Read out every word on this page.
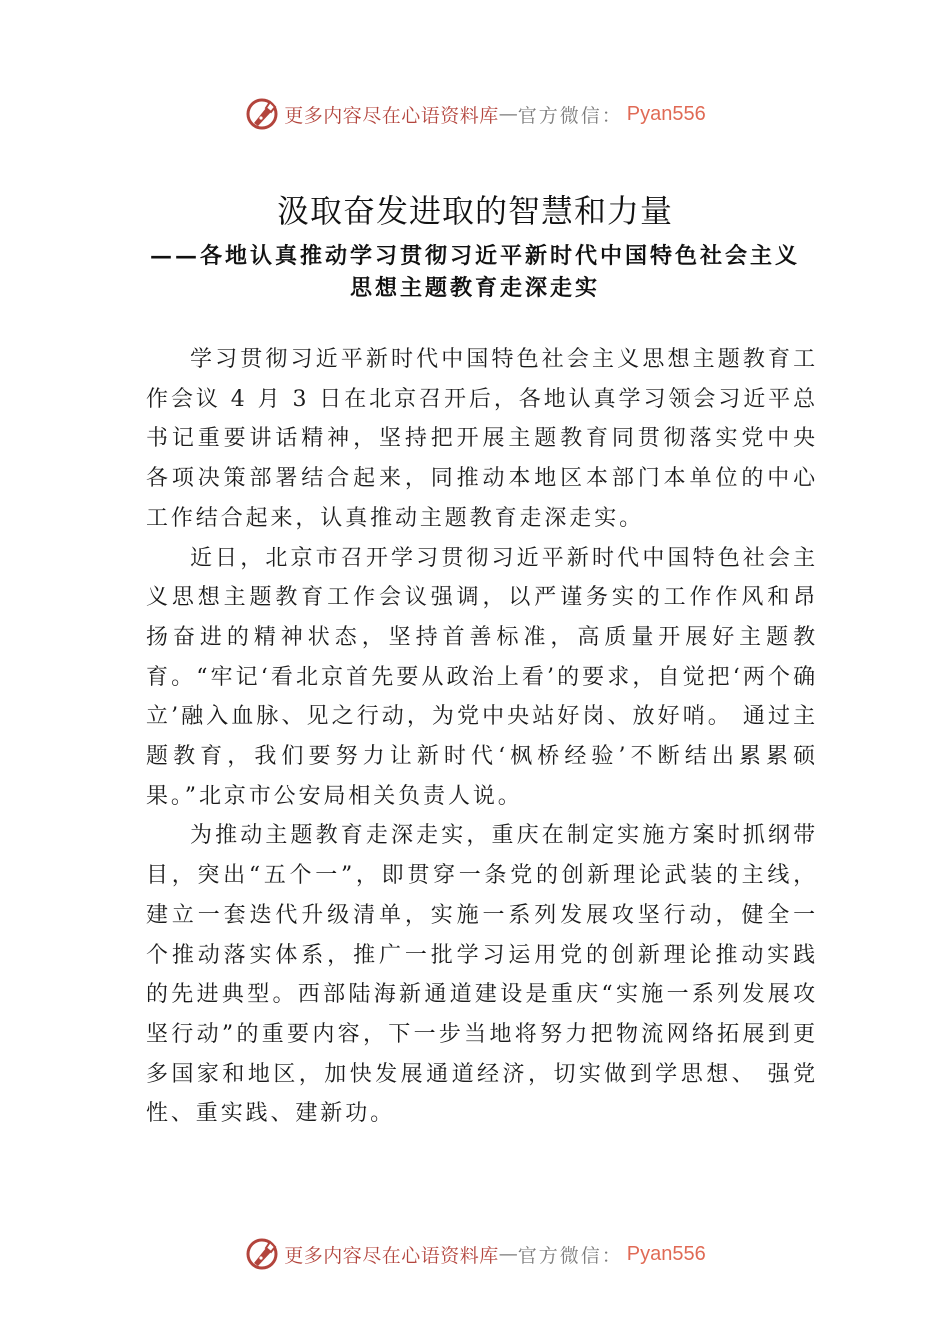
更多内容尽在心语资料库 — 官方微信： Pyan556
汲取奋发进取的智慧和力量
——各地认真推动学习贯彻习近平新时代中国特色社会主义思想主题教育走深走实

学习贯彻习近平新时代中国特色社会主义思想主题教育工作会议 4 月 3 日在北京召开后，各地认真学习领会习近平总书记重要讲话精神，坚持把开展主题教育同贯彻落实党中央各项决策部署结合起来，同推动本地区本部门本单位的中心工作结合起来，认真推动主题教育走深走实。

近日，北京市召开学习贯彻习近平新时代中国特色社会主义思想主题教育工作会议强调，以严谨务实的工作作风和昂扬奋进的精神状态，坚持首善标准，高质量开展好主题教育。“牢记‘看北京首先要从政治上看’的要求，自觉把‘两个确立’融入血脉、见之行动，为党中央站好岗、放好哨。 通过主题教育，我们要努力让新时代‘枫桥经验’不断结出累累硕果。”北京市公安局相关负责人说。

为推动主题教育走深走实，重庆在制定实施方案时抓纲带目，突出“五个一”，即贯穿一条党的创新理论武装的主线，建立一套迭代升级清单，实施一系列发展攻坚行动，健全一个推动落实体系，推广一批学习运用党的创新理论推动实践的先进典型。西部陆海新通道建设是重庆“实施一系列发展攻坚行动”的重要内容，下一步当地将努力把物流网络拓展到更多国家和地区，加快发展通道经济，切实做到学思想、 强党性、重实践、建新功。

更多内容尽在心语资料库 — 官方微信： Pyan556
